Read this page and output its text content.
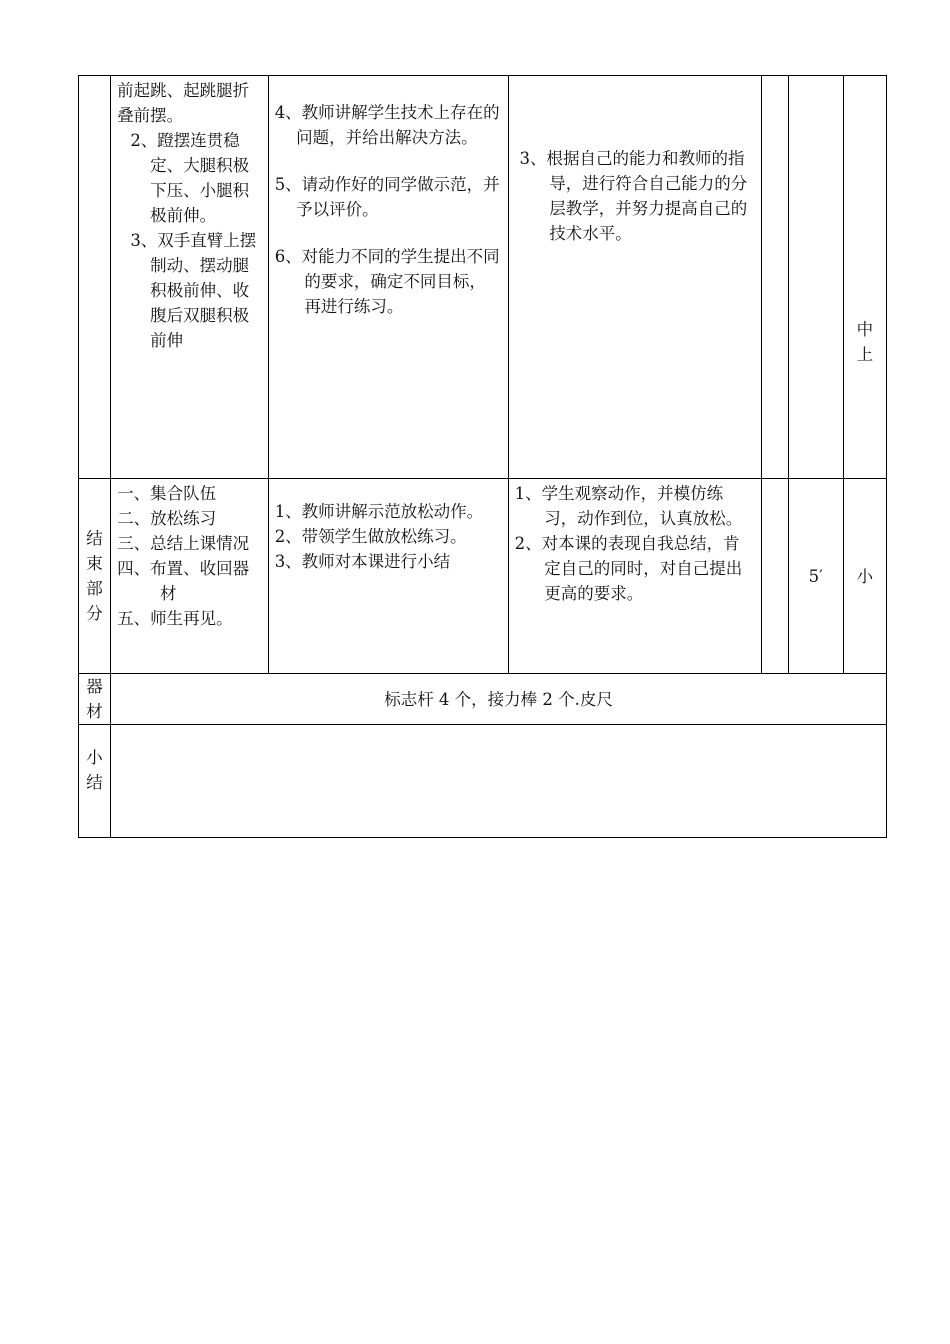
	前起跳、起跳腿折叠前摆。
2、蹬摆连贯稳定、大腿积极下压、小腿积极前伸。
3、双手直臂上摆制动、摆动腿积极前伸、收腹后双腿积极前伸	4、教师讲解学生技术上存在的问题，并给出解决方法。
5、请动作好的同学做示范，并予以评价。
6、对能力不同的学生提出不同的要求，确定不同目标，再进行练习。	3、根据自己的能力和教师的指导，进行符合自己能力的分层教学，并努力提高自己的技术水平。			中上

结束部分	一、集合队伍
二、放松练习
三、总结上课情况
四、布置、收回器材
五、师生再见。	1、教师讲解示范放松动作。
2、带领学生做放松练习。
3、教师对本课进行小结	1、学生观察动作，并模仿练习，动作到位，认真放松。
2、对本课的表现自我总结，肯定自己的同时，对自己提出更高的要求。		5′	小

器材	标志杆 4 个，接力棒 2 个.皮尺					

小结						
